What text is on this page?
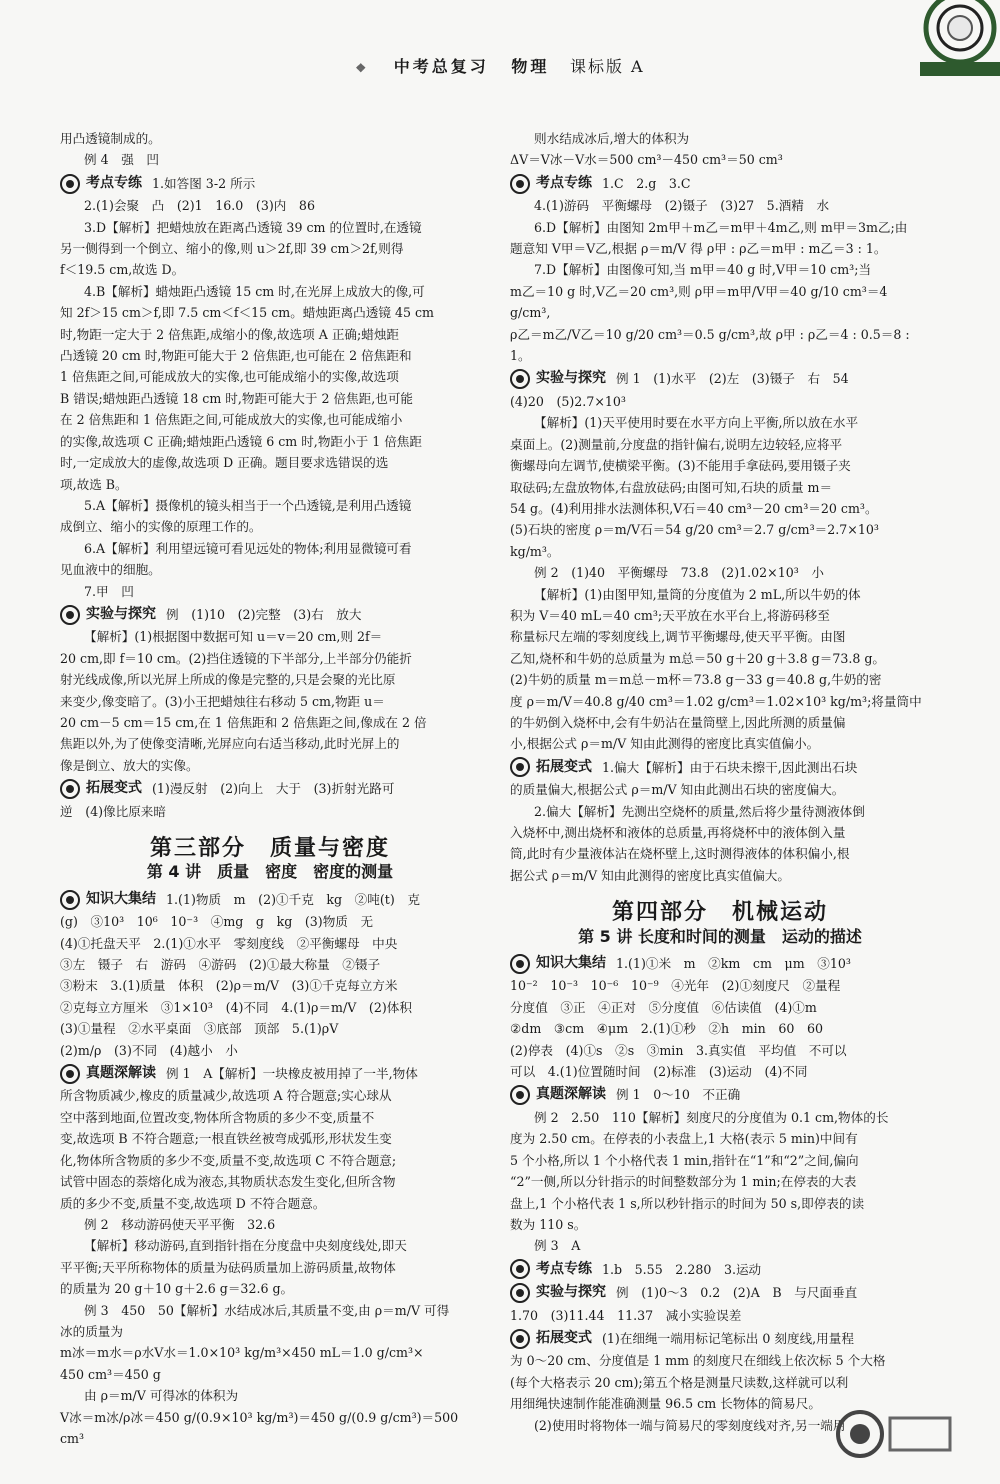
❖ 中考总复习 物理 课标版 A
用凸透镜制成的。
例 4　强　凹
考点专练 1.如答图 3-2 所示
2.(1)会聚　凸　(2)1　16.0　(3)内　86
3.D【解析】把蜡烛放在距离凸透镜 39 cm 的位置时,在透镜
另一侧得到一个倒立、缩小的像,则 u＞2f,即 39 cm＞2f,则得
f＜19.5 cm,故选 D。
4.B【解析】蜡烛距凸透镜 15 cm 时,在光屏上成放大的像,可
知 2f＞15 cm＞f,即 7.5 cm＜f＜15 cm。蜡烛距离凸透镜 45 cm
时,物距一定大于 2 倍焦距,成缩小的像,故选项 A 正确;蜡烛距
凸透镜 20 cm 时,物距可能大于 2 倍焦距,也可能在 2 倍焦距和
1 倍焦距之间,可能成放大的实像,也可能成缩小的实像,故选项
B 错误;蜡烛距凸透镜 18 cm 时,物距可能大于 2 倍焦距,也可能
在 2 倍焦距和 1 倍焦距之间,可能成放大的实像,也可能成缩小
的实像,故选项 C 正确;蜡烛距凸透镜 6 cm 时,物距小于 1 倍焦距
时,一定成放大的虚像,故选项 D 正确。题目要求选错误的选
项,故选 B。
5.A【解析】摄像机的镜头相当于一个凸透镜,是利用凸透镜
成倒立、缩小的实像的原理工作的。
6.A【解析】利用望远镜可看见远处的物体;利用显微镜可看
见血液中的细胞。
7.甲　凹
实验与探究 例　(1)10　(2)完整　(3)右　放大
【解析】(1)根据图中数据可知 u＝v＝20 cm,则 2f＝
20 cm,即 f＝10 cm。(2)挡住透镜的下半部分,上半部分仍能折
射光线成像,所以光屏上所成的像是完整的,只是会聚的光比原
来变少,像变暗了。(3)小王把蜡烛往右移动 5 cm,物距 u＝
20 cm－5 cm＝15 cm,在 1 倍焦距和 2 倍焦距之间,像成在 2 倍
焦距以外,为了使像变清晰,光屏应向右适当移动,此时光屏上的
像是倒立、放大的实像。
拓展变式 (1)漫反射　(2)向上　大于　(3)折射光路可
逆　(4)像比原来暗
第三部分　质量与密度
第 4 讲　质量　密度　密度的测量
知识大集结 1.(1)物质　m　(2)①千克　kg　②吨(t)　克
(g)　③10³　10⁶　10⁻³　④mg　g　kg　(3)物质　无
(4)①托盘天平　2.(1)①水平　零刻度线　②平衡螺母　中央
③左　镊子　右　游码　④游码　(2)①最大称量　②镊子
③粉末　3.(1)质量　体积　(2)ρ＝m/V　(3)①千克每立方米
②克每立方厘米　③1×10³　(4)不同　4.(1)ρ＝m/V　(2)体积
(3)①量程　②水平桌面　③底部　顶部　5.(1)ρV
(2)m/ρ　(3)不同　(4)越小　小
真题深解读 例 1　A【解析】一块橡皮被用掉了一半,物体
所含物质减少,橡皮的质量减少,故选项 A 符合题意;实心球从
空中落到地面,位置改变,物体所含物质的多少不变,质量不
变,故选项 B 不符合题意;一根直铁丝被弯成弧形,形状发生变
化,物体所含物质的多少不变,质量不变,故选项 C 不符合题意;
试管中固态的萘熔化成为液态,其物质状态发生变化,但所含物
质的多少不变,质量不变,故选项 D 不符合题意。
例 2　移动游码使天平平衡　32.6
【解析】移动游码,直到指针指在分度盘中央刻度线处,即天
平平衡;天平所称物体的质量为砝码质量加上游码质量,故物体
的质量为 20 g＋10 g＋2.6 g＝32.6 g。
例 3　450　50【解析】水结成冰后,其质量不变,由 ρ＝m/V 可得
冰的质量为
m冰＝m水＝ρ水V水＝1.0×10³ kg/m³×450 mL＝1.0 g/cm³×
450 cm³＝450 g
由 ρ＝m/V 可得冰的体积为
V冰＝m冰/ρ冰＝450 g/(0.9×10³ kg/m³)＝450 g/(0.9 g/cm³)＝500 cm³
则水结成冰后,增大的体积为
ΔV＝V冰－V水＝500 cm³－450 cm³＝50 cm³
考点专练 1.C　2.g　3.C
4.(1)游码　平衡螺母　(2)镊子　(3)27　5.酒精　水
6.D【解析】由图知 2m甲＋m乙＝m甲＋4m乙,则 m甲＝3m乙;由
题意知 V甲＝V乙,根据 ρ＝m/V 得 ρ甲 : ρ乙＝m甲 : m乙＝3 : 1。
7.D【解析】由图像可知,当 m甲＝40 g 时,V甲＝10 cm³;当
m乙＝10 g 时,V乙＝20 cm³,则 ρ甲＝m甲/V甲＝40 g/10 cm³＝4 g/cm³,
ρ乙＝m乙/V乙＝10 g/20 cm³＝0.5 g/cm³,故 ρ甲 : ρ乙＝4 : 0.5＝8 : 1。
实验与探究 例 1　(1)水平　(2)左　(3)镊子　右　54
(4)20　(5)2.7×10³
【解析】(1)天平使用时要在水平方向上平衡,所以放在水平
桌面上。(2)测量前,分度盘的指针偏右,说明左边较轻,应将平
衡螺母向左调节,使横梁平衡。(3)不能用手拿砝码,要用镊子夹
取砝码;左盘放物体,右盘放砝码;由图可知,石块的质量 m＝
54 g。(4)利用排水法测体积,V石＝40 cm³－20 cm³＝20 cm³。
(5)石块的密度 ρ＝m/V石＝54 g/20 cm³＝2.7 g/cm³＝2.7×10³ kg/m³。
例 2　(1)40　平衡螺母　73.8　(2)1.02×10³　小
【解析】(1)由图甲知,量筒的分度值为 2 mL,所以牛奶的体
积为 V＝40 mL＝40 cm³;天平放在水平台上,将游码移至
称量标尺左端的零刻度线上,调节平衡螺母,使天平平衡。由图
乙知,烧杯和牛奶的总质量为 m总＝50 g＋20 g＋3.8 g＝73.8 g。
(2)牛奶的质量 m＝m总－m杯＝73.8 g－33 g＝40.8 g,牛奶的密
度 ρ＝m/V＝40.8 g/40 cm³＝1.02 g/cm³＝1.02×10³ kg/m³;将量筒中
的牛奶倒入烧杯中,会有牛奶沾在量筒壁上,因此所测的质量偏
小,根据公式 ρ＝m/V 知由此测得的密度比真实值偏小。
拓展变式 1.偏大【解析】由于石块未擦干,因此测出石块
的质量偏大,根据公式 ρ＝m/V 知由此测出石块的密度偏大。
2.偏大【解析】先测出空烧杯的质量,然后将少量待测液体倒
入烧杯中,测出烧杯和液体的总质量,再将烧杯中的液体倒入量
筒,此时有少量液体沾在烧杯壁上,这时测得液体的体积偏小,根
据公式 ρ＝m/V 知由此测得的密度比真实值偏大。
第四部分　机械运动
第 5 讲 长度和时间的测量　运动的描述
知识大集结 1.(1)①米　m　②km　cm　μm　③10³
10⁻²　10⁻³　10⁻⁶　10⁻⁹　④光年　(2)①刻度尺　②量程
分度值　③正　④正对　⑤分度值　⑥估读值　(4)①m
②dm　③cm　④μm　2.(1)①秒　②h　min　60　60
(2)停表　(4)①s　②s　③min　3.真实值　平均值　不可以
可以　4.(1)位置随时间　(2)标准　(3)运动　(4)不同
真题深解读 例 1　0～10　不正确
例 2　2.50　110【解析】刻度尺的分度值为 0.1 cm,物体的长
度为 2.50 cm。在停表的小表盘上,1 大格(表示 5 min)中间有
5 个小格,所以 1 个小格代表 1 min,指针在“1”和“2”之间,偏向
“2”一侧,所以分针指示的时间整数部分为 1 min;在停表的大表
盘上,1 个小格代表 1 s,所以秒针指示的时间为 50 s,即停表的读
数为 110 s。
例 3　A
考点专练 1.b　5.55　2.280　3.运动
实验与探究 例　(1)0～3　0.2　(2)A　B　与尺面垂直
1.70　(3)11.44　11.37　减小实验误差
拓展变式 (1)在细绳一端用标记笔标出 0 刻度线,用量程
为 0～20 cm、分度值是 1 mm 的刻度尺在细线上依次标 5 个大格
(每个大格表示 20 cm);第五个格是测量尺读数,这样就可以利
用细绳快速制作能准确测量 96.5 cm 长物体的简易尺。
(2)使用时将物体一端与简易尺的零刻度线对齐,另一端用
